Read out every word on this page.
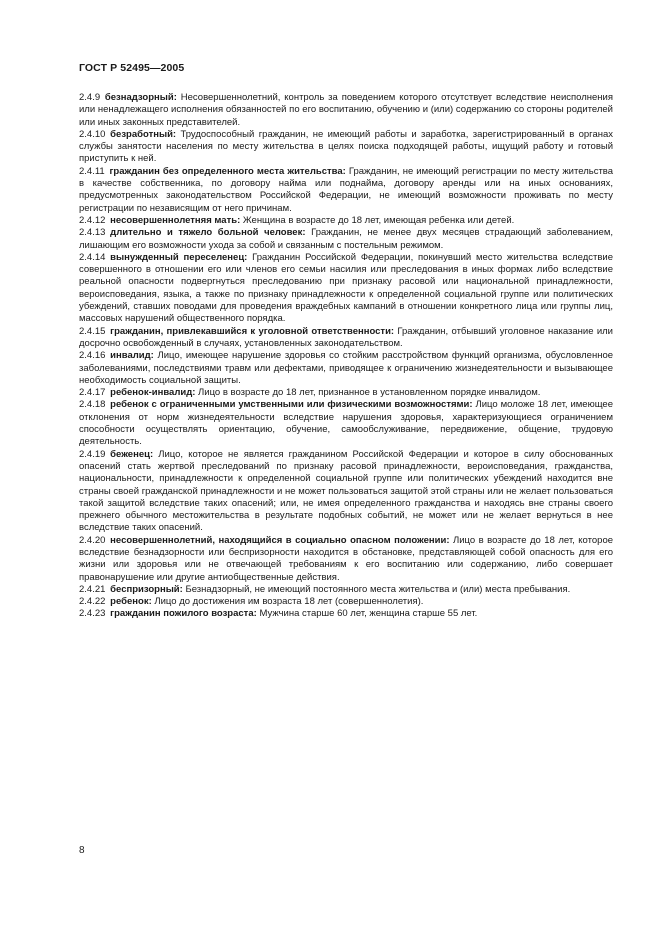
ГОСТ Р 52495—2005

2.4.9  безнадзорный: Несовершеннолетний, контроль за поведением которого отсутствует вследствие неисполнения или ненадлежащего исполнения обязанностей по его воспитанию, обучению и (или) содержанию со стороны родителей или иных законных представителей.

2.4.10  безработный: Трудоспособный гражданин, не имеющий работы и заработка, зарегистрированный в органах службы занятости населения по месту жительства в целях поиска подходящей работы, ищущий работу и готовый приступить к ней.

2.4.11  гражданин без определенного места жительства: Гражданин, не имеющий регистрации по месту жительства в качестве собственника, по договору найма или поднайма, договору аренды или на иных основаниях, предусмотренных законодательством Российской Федерации, не имеющий возможности проживать по месту регистрации по независящим от него причинам.

2.4.12  несовершеннолетняя мать: Женщина в возрасте до 18 лет, имеющая ребенка или детей.

2.4.13  длительно и тяжело больной человек: Гражданин, не менее двух месяцев страдающий заболеванием, лишающим его возможности ухода за собой и связанным с постельным режимом.

2.4.14  вынужденный переселенец: Гражданин Российской Федерации, покинувший место жительства вследствие совершенного в отношении его или членов его семьи насилия или преследования в иных формах либо вследствие реальной опасности подвергнуться преследованию при признаку расовой или национальной принадлежности, вероисповедания, языка, а также по признаку принадлежности к определенной социальной группе или политических убеждений, ставших поводами для проведения враждебных кампаний в отношении конкретного лица или группы лиц, массовых нарушений общественного порядка.

2.4.15  гражданин, привлекавшийся к уголовной ответственности: Гражданин, отбывший уголовное наказание или досрочно освобожденный в случаях, установленных законодательством.

2.4.16  инвалид: Лицо, имеющее нарушение здоровья со стойким расстройством функций организма, обусловленное заболеваниями, последствиями травм или дефектами, приводящее к ограничению жизнедеятельности и вызывающее необходимость социальной защиты.

2.4.17  ребенок-инвалид: Лицо в возрасте до 18 лет, признанное в установленном порядке инвалидом.

2.4.18  ребенок с ограниченными умственными или физическими возможностями: Лицо моложе 18 лет, имеющее отклонения от норм жизнедеятельности вследствие нарушения здоровья, характеризующиеся ограничением способности осуществлять ориентацию, обучение, самообслуживание, передвижение, общение, трудовую деятельность.

2.4.19  беженец: Лицо, которое не является гражданином Российской Федерации и которое в силу обоснованных опасений стать жертвой преследований по признаку расовой принадлежности, вероисповедания, гражданства, национальности, принадлежности к определенной социальной группе или политических убеждений находится вне страны своей гражданской принадлежности и не может пользоваться защитой этой страны или не желает пользоваться такой защитой вследствие таких опасений; или, не имея определенного гражданства и находясь вне страны своего прежнего обычного местожительства в результате подобных событий, не может или не желает вернуться в нее вследствие таких опасений.

2.4.20  несовершеннолетний, находящийся в социально опасном положении: Лицо в возрасте до 18 лет, которое вследствие безнадзорности или беспризорности находится в обстановке, представляющей собой опасность для его жизни или здоровья или не отвечающей требованиям к его воспитанию или содержанию, либо совершает правонарушение или другие антиобщественные действия.

2.4.21  беспризорный: Безнадзорный, не имеющий постоянного места жительства и (или) места пребывания.

2.4.22  ребенок: Лицо до достижения им возраста 18 лет (совершеннолетия).

2.4.23  гражданин пожилого возраста: Мужчина старше 60 лет, женщина старше 55 лет.

8
